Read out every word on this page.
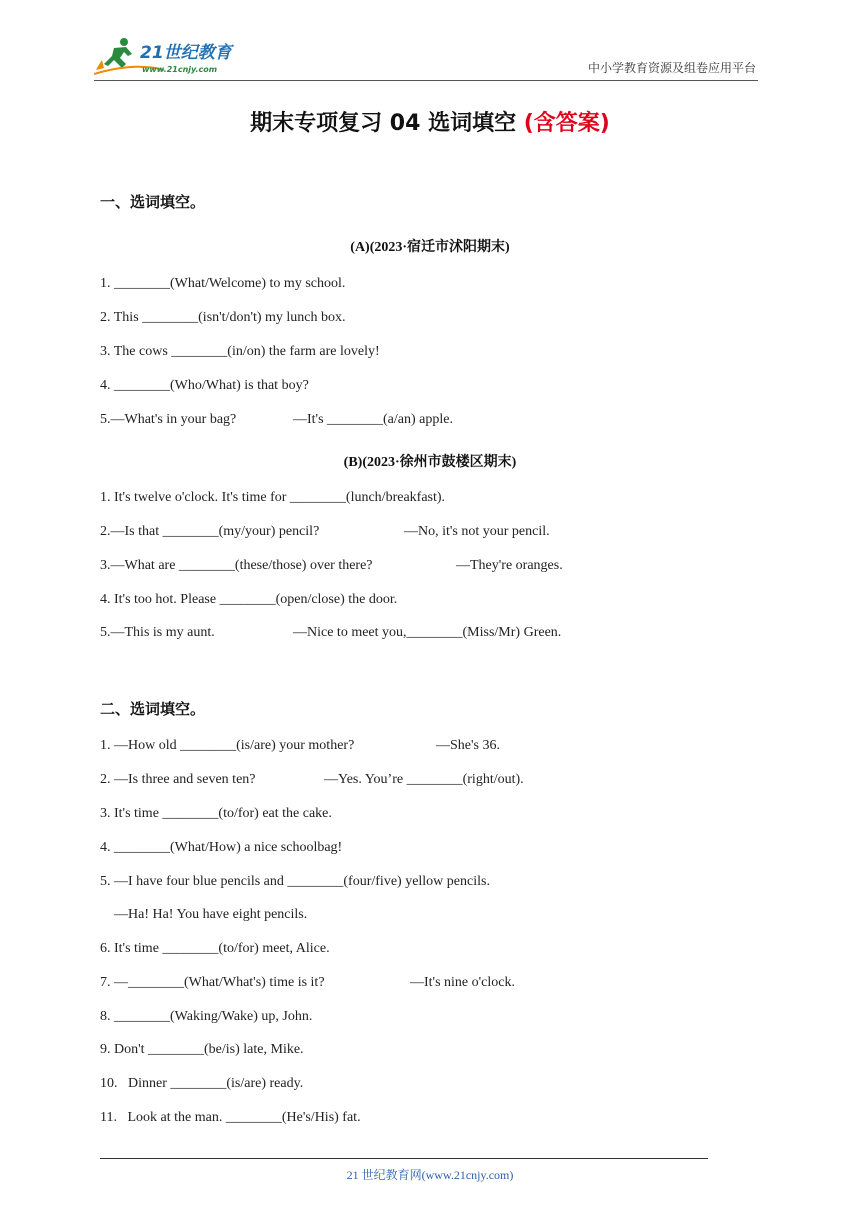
21世纪教育
www.21cnjy.com	中小学教育资源及组卷应用平台
期末专项复习 04 选词填空 (含答案)
一、选词填空。
(A)(2023·宿迁市沭阳期末)
1. ________(What/Welcome) to my school.
2. This ________(isn't/don't) my lunch box.
3. The cows ________(in/on) the farm are lovely!
4. ________(Who/What) is that boy?
5.—What's in your bag?	—It's ________(a/an) apple.
(B)(2023·徐州市鼓楼区期末)
1. It's twelve o'clock. It's time for ________(lunch/breakfast).
2.—Is that ________(my/your) pencil?	—No, it's not your pencil.
3.—What are ________(these/those) over there?	—They're oranges.
4. It's too hot. Please ________(open/close) the door.
5.—This is my aunt.	—Nice to meet you,________(Miss/Mr) Green.
二、选词填空。
1. —How old ________(is/are) your mother?	—She's 36.
2. —Is three and seven ten?	—Yes. You’re ________(right/out).
3. It's time ________(to/for) eat the cake.
4. ________(What/How) a nice schoolbag!
5. —I have four blue pencils and ________(four/five) yellow pencils.
—Ha! Ha! You have eight pencils.
6. It's time ________(to/for) meet, Alice.
7. —________(What/What's) time is it?	—It's nine o'clock.
8. ________(Waking/Wake) up, John.
9. Don't ________(be/is) late, Mike.
10.   Dinner ________(is/are) ready.
11.   Look at the man. ________(He's/His) fat.
21 世纪教育网(www.21cnjy.com)
